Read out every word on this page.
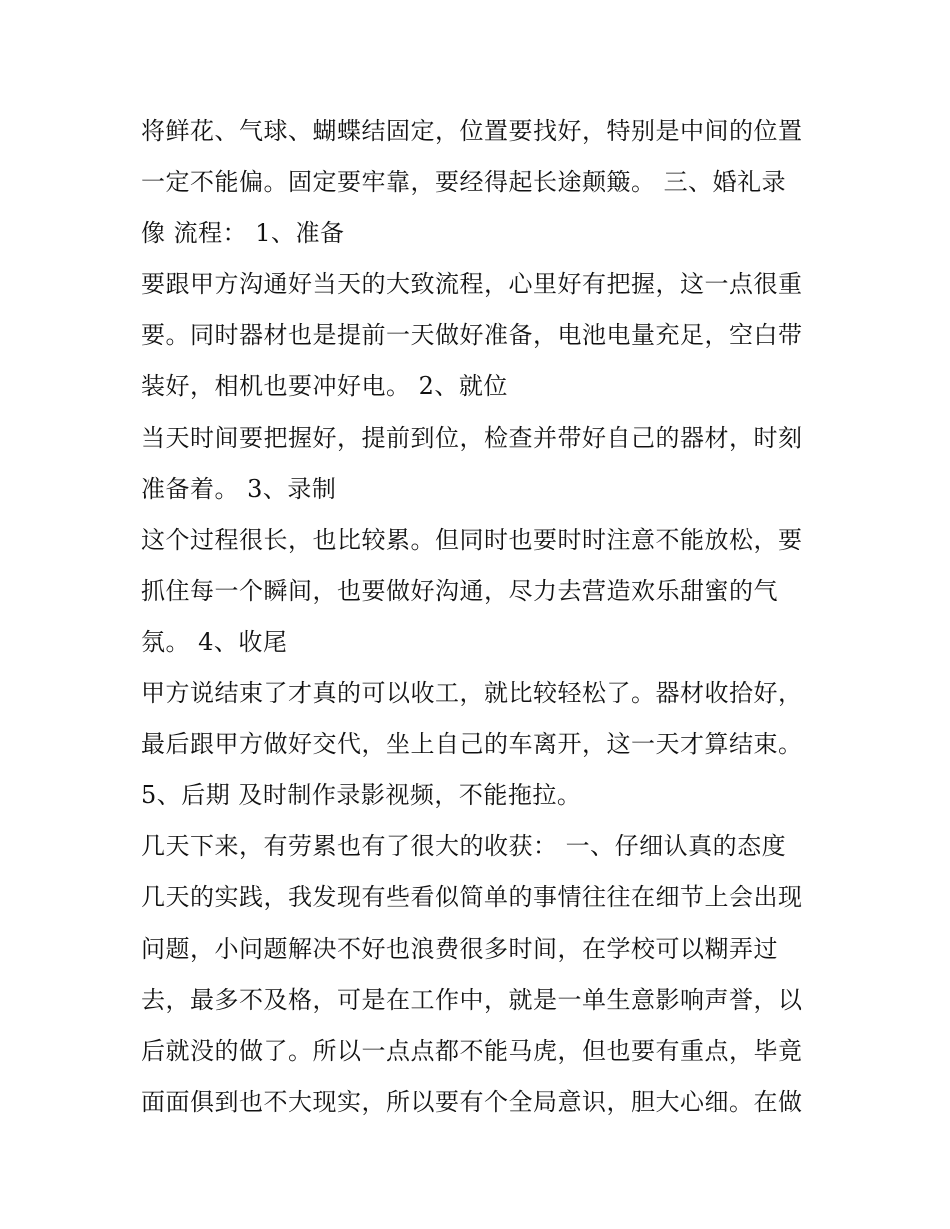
将鲜花、气球、蝴蝶结固定，位置要找好，特别是中间的位置
一定不能偏。固定要牢靠，要经得起长途颠簸。 三、婚礼录
像 流程： 1、准备
要跟甲方沟通好当天的大致流程，心里好有把握，这一点很重
要。同时器材也是提前一天做好准备，电池电量充足，空白带
装好，相机也要冲好电。 2、就位
当天时间要把握好，提前到位，检查并带好自己的器材，时刻
准备着。 3、录制
这个过程很长，也比较累。但同时也要时时注意不能放松，要
抓住每一个瞬间，也要做好沟通，尽力去营造欢乐甜蜜的气
氛。 4、收尾
甲方说结束了才真的可以收工，就比较轻松了。器材收拾好，
最后跟甲方做好交代，坐上自己的车离开，这一天才算结束。
5、后期 及时制作录影视频，不能拖拉。
几天下来，有劳累也有了很大的收获： 一、仔细认真的态度
几天的实践，我发现有些看似简单的事情往往在细节上会出现
问题，小问题解决不好也浪费很多时间，在学校可以糊弄过
去，最多不及格，可是在工作中，就是一单生意影响声誉，以
后就没的做了。所以一点点都不能马虎，但也要有重点，毕竟
面面俱到也不大现实，所以要有个全局意识，胆大心细。在做
